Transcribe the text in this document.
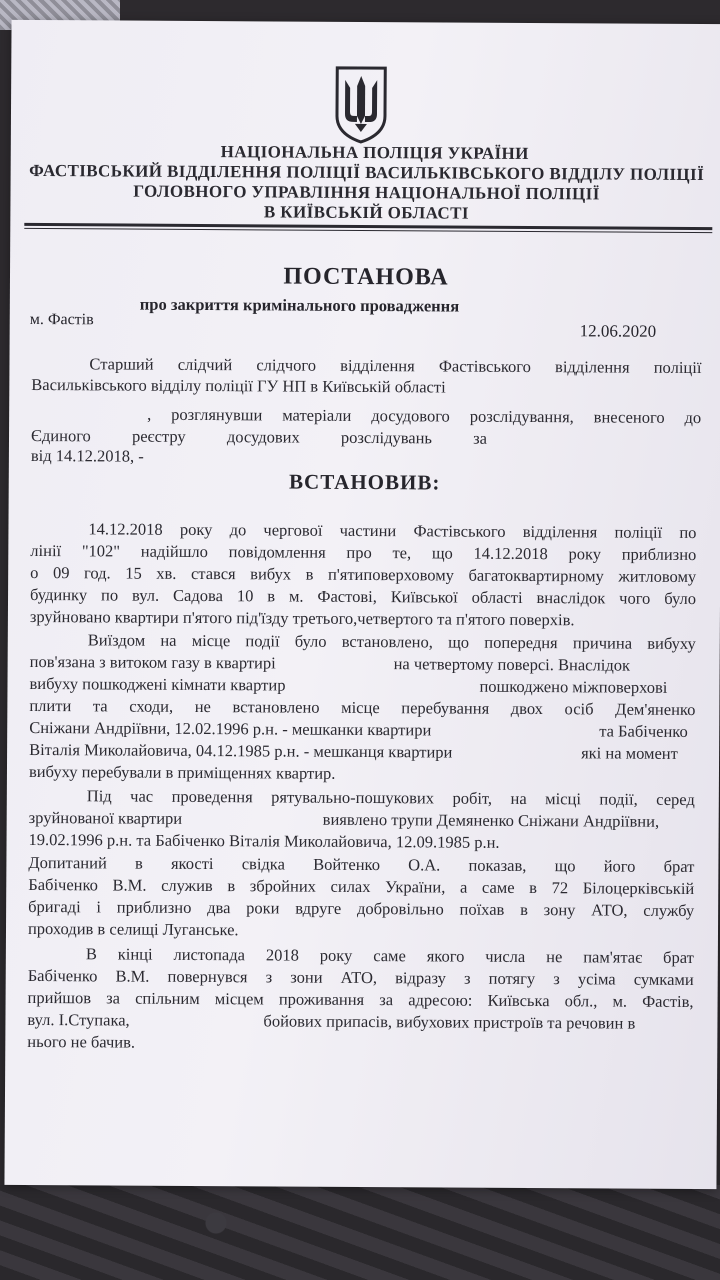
НАЦІОНАЛЬНА ПОЛІЦІЯ УКРАЇНИ
ФАСТІВСЬКИЙ ВІДДІЛЕННЯ ПОЛІЦІЇ ВАСИЛЬКІВСЬКОГО ВІДДІЛУ ПОЛІЦІЇ
ГОЛОВНОГО УПРАВЛІННЯ НАЦІОНАЛЬНОЇ ПОЛІЦІЇ
В КИЇВСЬКІЙ ОБЛАСТІ
ПОСТАНОВА
про закриття кримінального провадження
м. Фастів
12.06.2020
Старший слідчий слідчого відділення Фастівського відділення поліції
Васильківського відділу поліції ГУ НП в Київській області
, розглянувши матеріали досудового розслідування, внесеного до
Єдиного реєстру досудових розслідувань за
від 14.12.2018, -
ВСТАНОВИВ:
14.12.2018 року до чергової частини Фастівського відділення поліції по
лінії "102" надійшло повідомлення про те, що 14.12.2018 року приблизно
о 09 год. 15 хв. стався вибух в п'ятиповерховому багатоквартирному житловому
будинку по вул. Садова 10 в м. Фастові, Київської області внаслідок чого було
зруйновано квартири п'ятого під'їзду третього,четвертого та п'ятого поверхів.
Виїздом на місце події було встановлено, що попередня причина вибуху
пов'язана з витоком газу в квартирі	на четвертому поверсі. Внаслідок
вибуху пошкоджені кімнати квартир	пошкоджено міжповерхові
плити та сходи, не встановлено місце перебування двох осіб Дем'яненко
Сніжани Андріївни, 12.02.1996 р.н. - мешканки квартири	та Бабіченко
Віталія Миколайовича, 04.12.1985 р.н. - мешканця квартири	які на момент
вибуху перебували в приміщеннях квартир.
Під час проведення рятувально-пошукових робіт, на місці події, серед
зруйнованої квартири	виявлено трупи Демяненко Сніжани Андріївни,
19.02.1996 р.н. та Бабіченко Віталія Миколайовича, 12.09.1985 р.н.
Допитаний в якості свідка Войтенко О.А. показав, що його брат
Бабіченко В.М. служив в збройних силах України, а саме в 72 Білоцерківській
бригаді і приблизно два роки вдруге добровільно поїхав в зону АТО, службу
проходив в селищі Луганське.
В кінці листопада 2018 року саме якого числа не пам'ятає брат
Бабіченко В.М. повернувся з зони АТО, відразу з потягу з усіма сумками
прийшов за спільним місцем проживання за адресою: Київська обл., м. Фастів,
вул. І.Ступака,	бойових припасів, вибухових пристроїв та речовин в
нього не бачив.
